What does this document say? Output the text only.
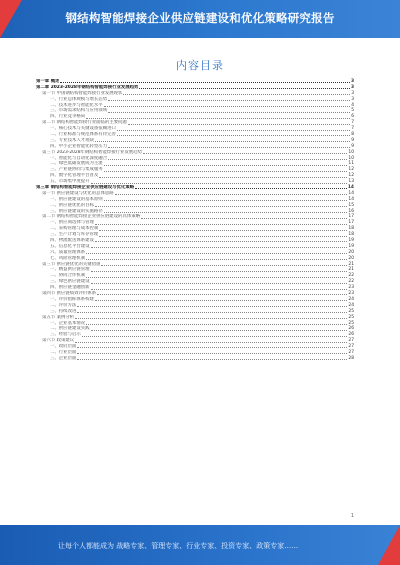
钢结构智能焊接企业供应链建设和优化策略研究报告
内容目录
第一章 概述	3
第二章 2023-2028年钢结构智能焊接行业发展趋势	3
第一节 中国钢结构智能焊接行业发展现状	3
一、行业总体规模与增长态势	3
二、技术进步与智能化水平	4
三、市场需求结构与应用领域	5
四、行业竞争格局	6
第二节 钢结构智能焊接行业面临的主要问题	7
一、核心技术与关键设备依赖进口	7
二、行业标准与规范体系有待完善	8
三、专业技术人才短缺	9
四、中小企业智能化转型压力	9
第三节 2023-2028年钢结构智能焊接行业发展趋势	10
一、智能化与自动化深度融合	10
二、绿色低碳发展成为主流	11
三、产业链协同与集成服务	12
四、数字化管理平台普及	12
五、市场集中度提升	13
第三章 钢结构智能焊接企业供应链建设与优化策略	14
第一节 供应链建设与优化的总体思路	14
一、供应链建设的基本原则	14
二、供应链优化的目标	15
三、供应链建设的实施路径	16
第二节 钢结构智能焊接企业供应链建设的具体策略	17
一、供应商选择与管理	17
二、采购管理与成本控制	18
三、生产计划与库存管理	18
四、物流配送体系建设	19
五、信息化平台建设	19
六、质量管理体系	20
七、风险管理机制	20
第三节 供应链优化的关键措施	21
一、精益供应链管理	21
二、协同合作机制	22
三、绿色供应链建设	22
四、供应链金融创新	23
第四节 供应链绩效评价体系	23
一、评价指标体系构建	24
二、评价方法	24
三、持续改进	25
第五节 案例分析	25
一、企业基本情况	25
二、供应链建设实践	26
三、经验与启示	26
第六节 政策建议	27
一、政府层面	27
二、行业层面	27
三、企业层面	28
1
让每个人都能成为 战略专家、管理专家、行业专家、投资专家、政策专家……
